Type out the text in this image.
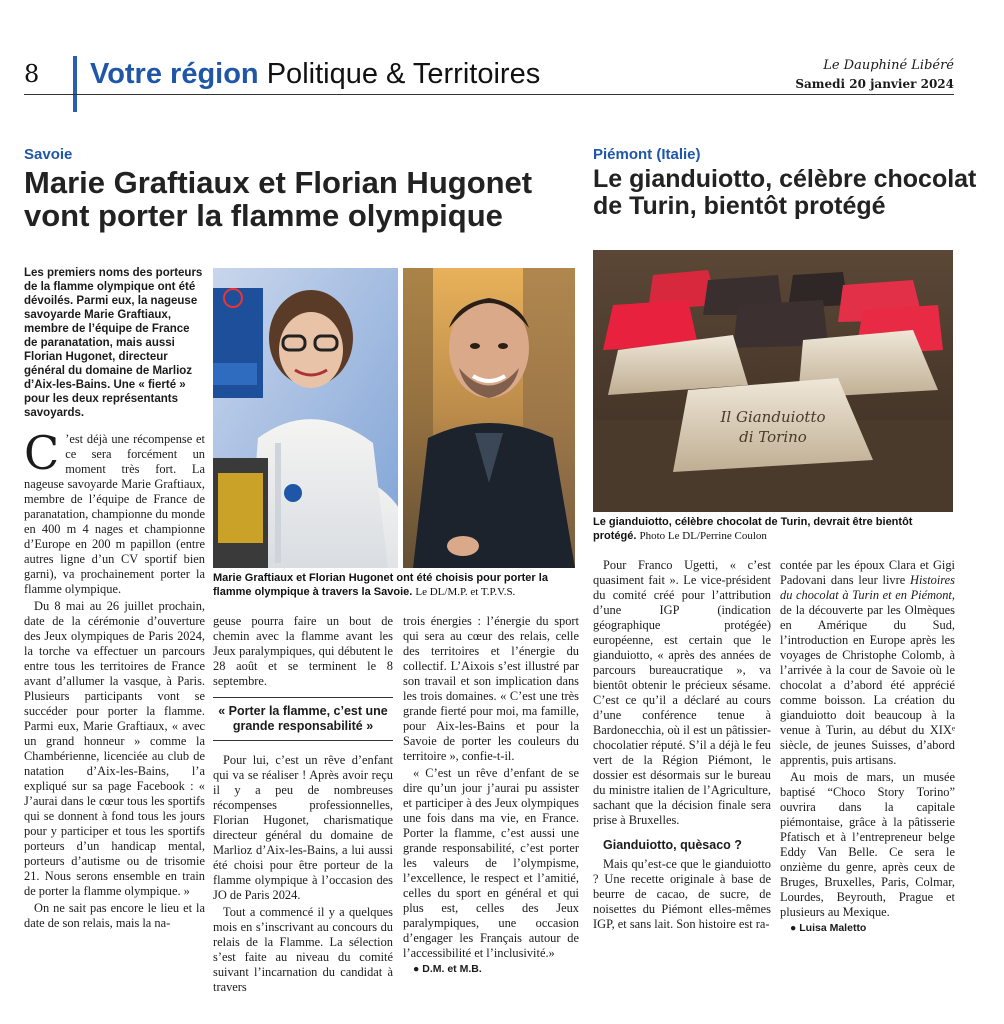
8 Votre région Politique & Territoires	Le Dauphiné Libéré
Samedi 20 janvier 2024
Savoie
Marie Graftiaux et Florian Hugonet
vont porter la flamme olympique
Marie Graftiaux et Florian Hugonet ont été choisis pour porter la flamme olympique à travers la Savoie. Le DL/M.P. et T.P.V.S.

Les premiers noms des porteurs de la flamme olympique ont été dévoilés. Parmi eux, la nageuse savoyarde Marie Graftiaux, membre de l’équipe de France de paranatation, mais aussi Florian Hugonet, directeur général du domaine de Marlioz d’Aix-les-Bains. Une « fierté » pour les deux représentants savoyards.

C ’est déjà une récompense et ce sera forcément un moment très fort. La nageuse savoyarde Marie Graftiaux, membre de l’équipe de France de paranatation, championne du monde en 400 m 4 nages et championne d’Europe en 200 m papillon (entre autres ligne d’un CV sportif bien garni), va prochainement porter la flamme olympique.

Du 8 mai au 26 juillet prochain, date de la cérémonie d’ouverture des Jeux olympiques de Paris 2024, la torche va effectuer un parcours entre tous les territoires de France avant d’allumer la vasque, à Paris. Plusieurs participants vont se succéder pour porter la flamme. Parmi eux, Marie Graftiaux, « avec un grand honneur » comme la Chambérienne, licenciée au club de natation d’Aix-les-Bains, l’a expliqué sur sa page Facebook : « J’aurai dans le cœur tous les sportifs qui se donnent à fond tous les jours pour y participer et tous les sportifs porteurs d’un handicap mental, porteurs d’autisme ou de trisomie 21. Nous serons ensemble en train de porter la flamme olympique. »

On ne sait pas encore le lieu et la date de son relais, mais la na-

geuse pourra faire un bout de chemin avec la flamme avant les Jeux paralympiques, qui débutent le 28 août et se terminent le 8 septembre.

« Porter la flamme, c’est une grande responsabilité »

Pour lui, c’est un rêve d’enfant qui va se réaliser ! Après avoir reçu il y a peu de nombreuses récompenses professionnelles, Florian Hugonet, charismatique directeur général du domaine de Marlioz d’Aix-les-Bains, a lui aussi été choisi pour être porteur de la flamme olympique à l’occasion des JO de Paris 2024.

Tout a commencé il y a quelques mois en s’inscrivant au concours du relais de la Flamme. La sélection s’est faite au niveau du comité suivant l’incarnation du candidat à travers

trois énergies : l’énergie du sport qui sera au cœur des relais, celle des territoires et l’énergie du collectif. L’Aixois s’est illustré par son travail et son implication dans les trois domaines. « C’est une très grande fierté pour moi, ma famille, pour Aix-les-Bains et pour la Savoie de porter les couleurs du territoire », confie-t-il.

« C’est un rêve d’enfant de se dire qu’un jour j’aurai pu assister et participer à des Jeux olympiques une fois dans ma vie, en France. Porter la flamme, c’est aussi une grande responsabilité, c’est porter les valeurs de l’olympisme, l’excellence, le respect et l’amitié, celles du sport en général et qui plus est, celles des Jeux paralympiques, une occasion d’engager les Français autour de l’accessibilité et l’inclusivité.»

● D.M. et M.B.

Piémont (Italie)
Le gianduiotto, célèbre chocolat
de Turin, bientôt protégé
Il Gianduiotto
di Torino
Le gianduiotto, célèbre chocolat de Turin, devrait être bientôt protégé. Photo Le DL/Perrine Coulon

Pour Franco Ugetti, « c’est quasiment fait ». Le vice-président du comité créé pour l’attribution d’une IGP (indication géographique protégée) européenne, est certain que le gianduiotto, « après des années de parcours bureaucratique », va bientôt obtenir le précieux sésame. C’est ce qu’il a déclaré au cours d’une conférence tenue à Bardonecchia, où il est un pâtissier-chocolatier réputé. S’il a déjà le feu vert de la Région Piémont, le dossier est désormais sur le bureau du ministre italien de l’Agriculture, sachant que la décision finale sera prise à Bruxelles.

Gianduiotto, quèsaco ?

Mais qu’est-ce que le gianduiotto ? Une recette originale à base de beurre de cacao, de sucre, de noisettes du Piémont elles-mêmes IGP, et sans lait. Son histoire est ra-

contée par les époux Clara et Gigi Padovani dans leur livre Histoires du chocolat à Turin et en Piémont, de la découverte par les Olmèques en Amérique du Sud, l’introduction en Europe après les voyages de Christophe Colomb, à l’arrivée à la cour de Savoie où le chocolat a d’abord été apprécié comme boisson. La création du gianduiotto doit beaucoup à la venue à Turin, au début du XIXᵉ siècle, de jeunes Suisses, d’abord apprentis, puis artisans.

Au mois de mars, un musée baptisé “Choco Story Torino” ouvrira dans la capitale piémontaise, grâce à la pâtisserie Pfatisch et à l’entrepreneur belge Eddy Van Belle. Ce sera le onzième du genre, après ceux de Bruges, Bruxelles, Paris, Colmar, Lourdes, Beyrouth, Prague et plusieurs au Mexique.

● Luisa Maletto
